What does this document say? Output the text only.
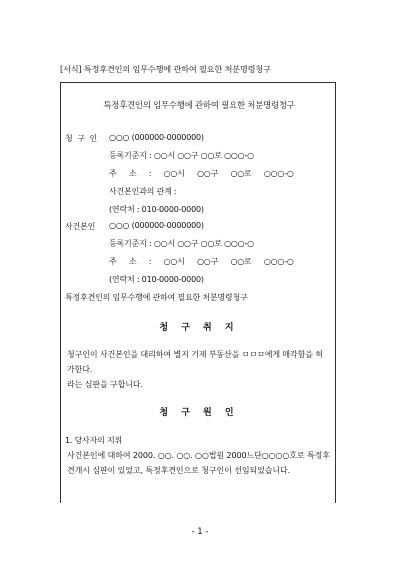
[서식] 특정후견인의 임무수행에 관하여 필요한 처분명령청구
특정후견인의 임무수행에 관하여 필요한 처분명령청구
청 구 인 ○○○ (000000-0000000)
등록기준지 : ○○시 ○○구 ○○로 ○○○-○
주 소 : ○○시 ○○구 ○○로 ○○○-○
사건본인과의 관계 :
(연락처 : 010-0000-0000)
사건본인 ○○○ (000000-0000000)
등록기준지 : ○○시 ○○구 ○○로 ○○○-○
주 소 : ○○시 ○○구 ○○로 ○○○-○
(연락처 : 010-0000-0000)
특정후견인의 임무수행에 관하여 필요한 처분명령청구
청 구 취 지
청구인이 사건본인을 대리하여 별지 기재 부동산을 ㅁㅁㅁ에게 매각함을 허
가한다.
라는 심판을 구합니다.
청 구 원 인
1. 당사자의 지위
사건본인에 대하여 2000. ○○. ○○. ○○법원 2000느단○○○○호로 특정후
견개시 심판이 있었고, 특정후견인으로 청구인이 선임되었습니다.
- 1 -
